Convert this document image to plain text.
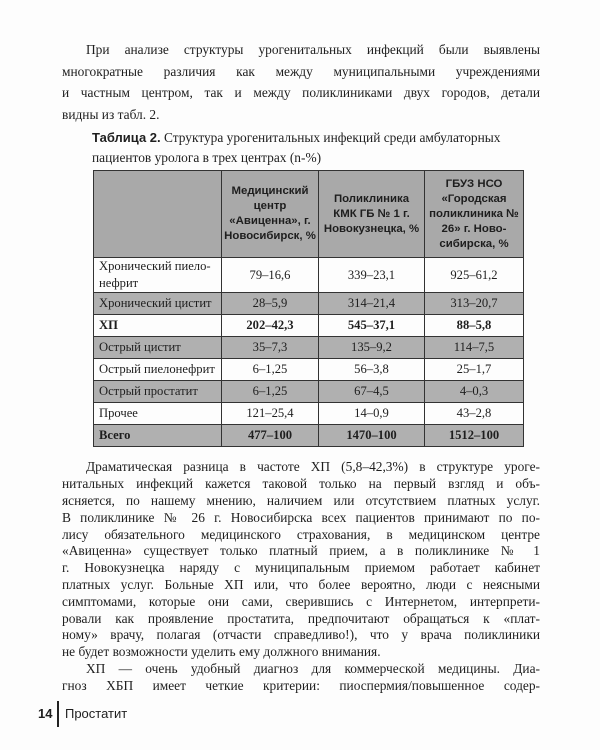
При анализе структуры урогенитальных инфекций были выявлены
многократные различия как между муниципальными учреждениями
и частным центром, так и между поликлиниками двух городов, детали
видны из табл. 2.
Таблица 2. Структура урогенитальных инфекций среди амбулаторных
пациентов уролога в трех центрах (n-%)
	Медицинский центр «Авиценна», г. Новосибирск, %	Поликлиника КМК ГБ № 1 г. Новокузнецка, %	ГБУЗ НСО «Городская поликлиника № 26» г. Ново-сибирска, %
Хронический пиело-нефрит	79–16,6	339–23,1	925–61,2
Хронический цистит	28–5,9	314–21,4	313–20,7
ХП	202–42,3	545–37,1	88–5,8
Острый цистит	35–7,3	135–9,2	114–7,5
Острый пиелонефрит	6–1,25	56–3,8	25–1,7
Острый простатит	6–1,25	67–4,5	4–0,3
Прочее	121–25,4	14–0,9	43–2,8
Всего	477–100	1470–100	1512–100
Драматическая разница в частоте ХП (5,8–42,3%) в структуре уроге-
нитальных инфекций кажется таковой только на первый взгляд и объ-
ясняется, по нашему мнению, наличием или отсутствием платных услуг.
В поликлинике № 26 г. Новосибирска всех пациентов принимают по по-
лису обязательного медицинского страхования, в медицинском центре
«Авиценна» существует только платный прием, а в поликлинике № 1
г. Новокузнецка наряду с муниципальным приемом работает кабинет
платных услуг. Больные ХП или, что более вероятно, люди с неясными
симптомами, которые они сами, сверившись с Интернетом, интерпрети-
ровали как проявление простатита, предпочитают обращаться к «плат-
ному» врачу, полагая (отчасти справедливо!), что у врача поликлиники
не будет возможности уделить ему должного внимания.
ХП — очень удобный диагноз для коммерческой медицины. Диа-
гноз ХБП имеет четкие критерии: пиоспермия/повышенное содер-
14 Простатит
